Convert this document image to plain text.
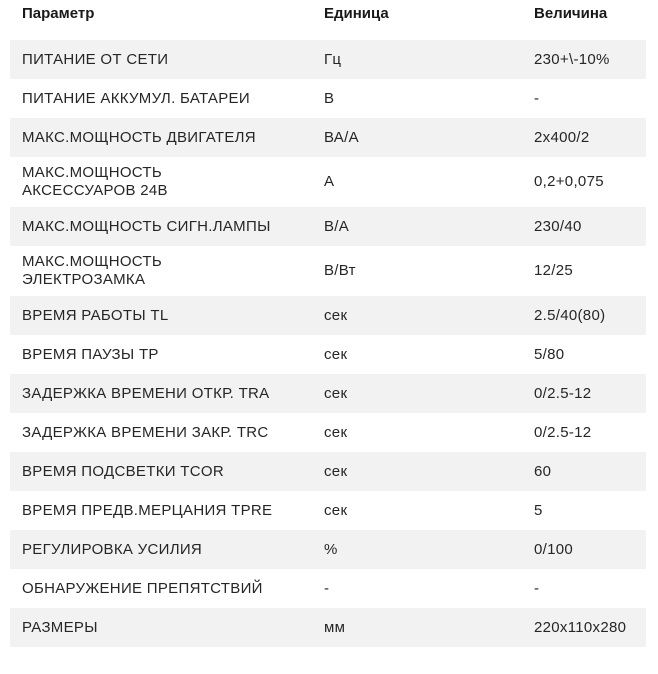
Параметр	Единица	Величина

ПИТАНИЕ ОТ СЕТИ	Гц	230+\-10%
ПИТАНИЕ АККУМУЛ. БАТАРЕИ	В	-
МАКС.МОЩНОСТЬ ДВИГАТЕЛЯ	ВА/А	2х400/2
МАКС.МОЩНОСТЬ
АКСЕССУАРОВ 24В	А	0,2+0,075
МАКС.МОЩНОСТЬ СИГН.ЛАМПЫ	В/А	230/40
МАКС.МОЩНОСТЬ
ЭЛЕКТРОЗАМКА	В/Вт	12/25
ВРЕМЯ РАБОТЫ TL	сек	2.5/40(80)
ВРЕМЯ ПАУЗЫ TP	сек	5/80
ЗАДЕРЖКА ВРЕМЕНИ ОТКР. TRA	сек	0/2.5-12
ЗАДЕРЖКА ВРЕМЕНИ ЗАКР. TRC	сек	0/2.5-12
ВРЕМЯ ПОДСВЕТКИ TCOR	сек	60
ВРЕМЯ ПРЕДВ.МЕРЦАНИЯ TPRE	сек	5
РЕГУЛИРОВКА УСИЛИЯ	%	0/100
ОБНАРУЖЕНИЕ ПРЕПЯТСТВИЙ	-	-
РАЗМЕРЫ	мм	220x110x280
